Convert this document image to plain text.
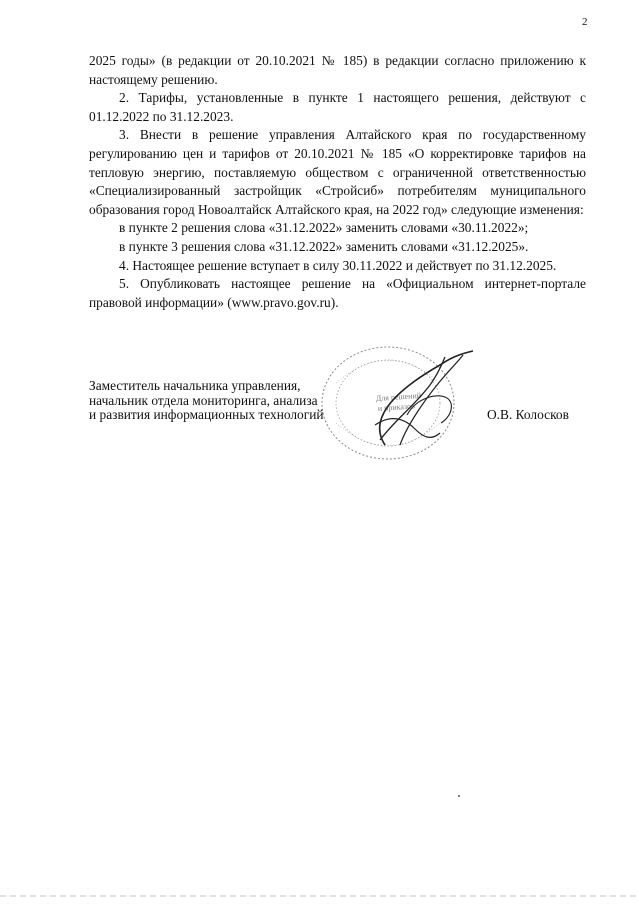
2

2025 годы» (в редакции от 20.10.2021 № 185) в редакции согласно приложению к настоящему решению.

2. Тарифы, установленные в пункте 1 настоящего решения, действуют с 01.12.2022 по 31.12.2023.

3. Внести в решение управления Алтайского края по государственному регулированию цен и тарифов от 20.10.2021 № 185 «О корректировке тарифов на тепловую энергию, поставляемую обществом с ограниченной ответственностью «Специализированный застройщик «Стройсиб» потребителям муниципального образования город Новоалтайск Алтайского края, на 2022 год» следующие изменения:

в пункте 2 решения слова «31.12.2022» заменить словами «30.11.2022»;

в пункте 3 решения слова «31.12.2022» заменить словами «31.12.2025».

4. Настоящее решение вступает в силу 30.11.2022 и действует по 31.12.2025.

5. Опубликовать настоящее решение на «Официальном интернет-портале правовой информации» (www.pravo.gov.ru).

Для решений
и приказов
Заместитель начальника управления,
начальник отдела мониторинга, анализа
и развития информационных технологий	О.В. Колосков
